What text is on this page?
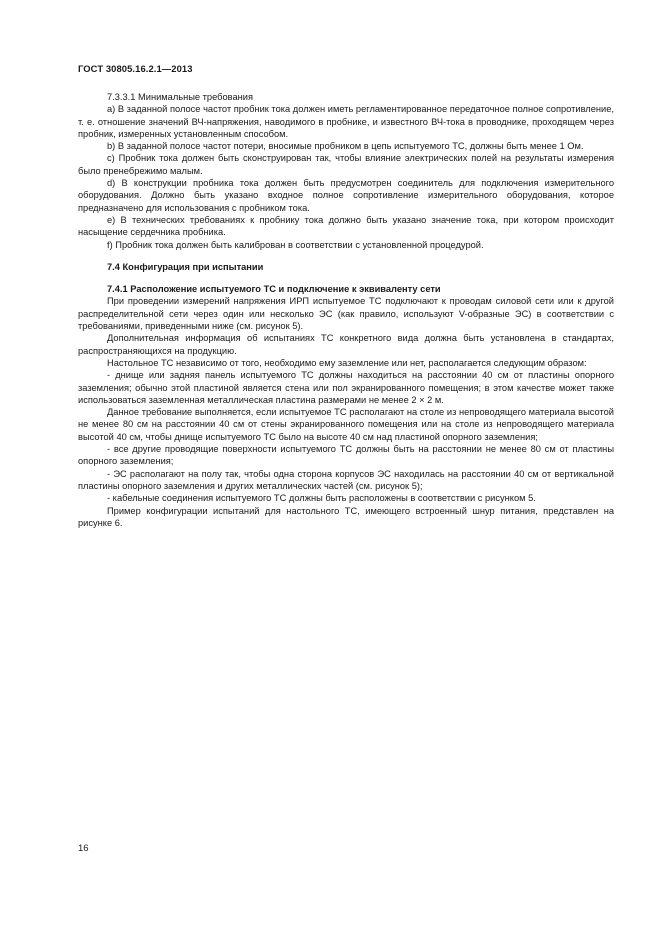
ГОСТ 30805.16.2.1—2013

7.3.3.1 Минимальные требования

a) В заданной полосе частот пробник тока должен иметь регламентированное передаточное полное сопротивление, т. е. отношение значений ВЧ-напряжения, наводимого в пробнике, и известного ВЧ-тока в проводнике, проходящем через пробник, измеренных установленным способом.

b) В заданной полосе частот потери, вносимые пробником в цепь испытуемого ТС, должны быть менее 1 Ом.

c) Пробник тока должен быть сконструирован так, чтобы влияние электрических полей на результаты измерения было пренебрежимо малым.

d) В конструкции пробника тока должен быть предусмотрен соединитель для подключения измерительного оборудования. Должно быть указано входное полное сопротивление измерительного оборудования, которое предназначено для использования с пробником тока.

e) В технических требованиях к пробнику тока должно быть указано значение тока, при котором происходит насыщение сердечника пробника.

f) Пробник тока должен быть калиброван в соответствии с установленной процедурой.

7.4 Конфигурация при испытании

7.4.1 Расположение испытуемого ТС и подключение к эквиваленту сети

При проведении измерений напряжения ИРП испытуемое ТС подключают к проводам силовой сети или к другой распределительной сети через один или несколько ЭС (как правило, используют V-образные ЭС) в соответствии с требованиями, приведенными ниже (см. рисунок 5).

Дополнительная информация об испытаниях ТС конкретного вида должна быть установлена в стандартах, распространяющихся на продукцию.

Настольное ТС независимо от того, необходимо ему заземление или нет, располагается следующим образом:

- днище или задняя панель испытуемого ТС должны находиться на расстоянии 40 см от пластины опорного заземления; обычно этой пластиной является стена или пол экранированного помещения; в этом качестве может также использоваться заземленная металлическая пластина размерами не менее 2 × 2 м.

Данное требование выполняется, если испытуемое ТС располагают на столе из непроводящего материала высотой не менее 80 см на расстоянии 40 см от стены экранированного помещения или на столе из непроводящего материала высотой 40 см, чтобы днище испытуемого ТС было на высоте 40 см над пластиной опорного заземления;

- все другие проводящие поверхности испытуемого ТС должны быть на расстоянии не менее 80 см от пластины опорного заземления;

- ЭС располагают на полу так, чтобы одна сторона корпусов ЭС находилась на расстоянии 40 см от вертикальной пластины опорного заземления и других металлических частей (см. рисунок 5);

- кабельные соединения испытуемого ТС должны быть расположены в соответствии с рисунком 5.

Пример конфигурации испытаний для настольного ТС, имеющего встроенный шнур питания, представлен на рисунке 6.

16
